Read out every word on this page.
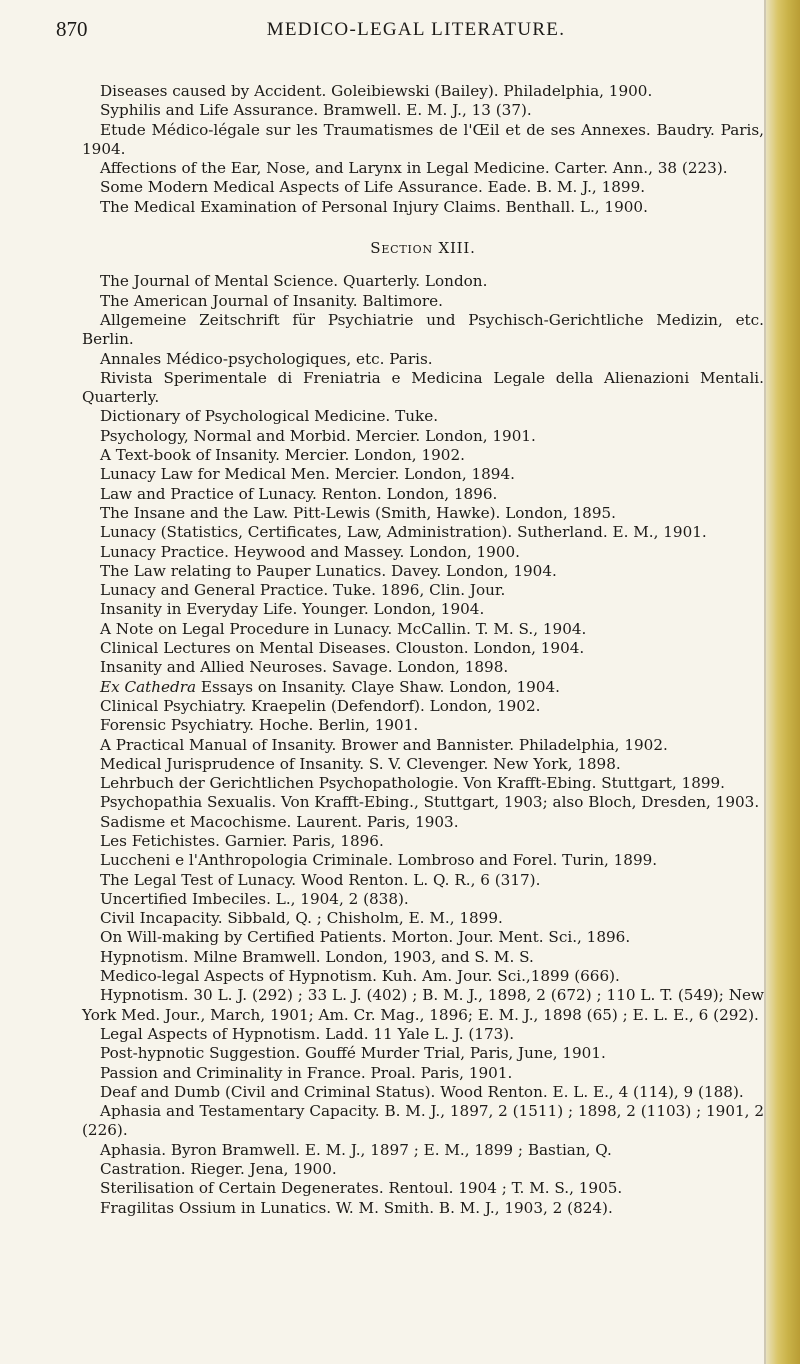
870	MEDICO-LEGAL LITERATURE.

Diseases caused by Accident. Goleibiewski (Bailey). Philadelphia, 1900.

Syphilis and Life Assurance. Bramwell. E. M. J., 13 (37).

Etude Médico-légale sur les Traumatismes de l'Œil et de ses Annexes. Baudry. Paris, 1904.

Affections of the Ear, Nose, and Larynx in Legal Medicine. Carter. Ann., 38 (223).

Some Modern Medical Aspects of Life Assurance. Eade. B. M. J., 1899.

The Medical Examination of Personal Injury Claims. Benthall. L., 1900.

Section XIII.

The Journal of Mental Science. Quarterly. London.

The American Journal of Insanity. Baltimore.

Allgemeine Zeitschrift für Psychiatrie und Psychisch-Gerichtliche Medizin, etc. Berlin.

Annales Médico-psychologiques, etc. Paris.

Rivista Sperimentale di Freniatria e Medicina Legale della Alienazioni Mentali. Quarterly.

Dictionary of Psychological Medicine. Tuke.

Psychology, Normal and Morbid. Mercier. London, 1901.

A Text-book of Insanity. Mercier. London, 1902.

Lunacy Law for Medical Men. Mercier. London, 1894.

Law and Practice of Lunacy. Renton. London, 1896.

The Insane and the Law. Pitt-Lewis (Smith, Hawke). London, 1895.

Lunacy (Statistics, Certificates, Law, Administration). Sutherland. E. M., 1901.

Lunacy Practice. Heywood and Massey. London, 1900.

The Law relating to Pauper Lunatics. Davey. London, 1904.

Lunacy and General Practice. Tuke. 1896, Clin. Jour.

Insanity in Everyday Life. Younger. London, 1904.

A Note on Legal Procedure in Lunacy. McCallin. T. M. S., 1904.

Clinical Lectures on Mental Diseases. Clouston. London, 1904.

Insanity and Allied Neuroses. Savage. London, 1898.

Ex Cathedra Essays on Insanity. Claye Shaw. London, 1904.

Clinical Psychiatry. Kraepelin (Defendorf). London, 1902.

Forensic Psychiatry. Hoche. Berlin, 1901.

A Practical Manual of Insanity. Brower and Bannister. Philadelphia, 1902.

Medical Jurisprudence of Insanity. S. V. Clevenger. New York, 1898.

Lehrbuch der Gerichtlichen Psychopathologie. Von Krafft-Ebing. Stuttgart, 1899.

Psychopathia Sexualis. Von Krafft-Ebing., Stuttgart, 1903; also Bloch, Dresden, 1903.

Sadisme et Macochisme. Laurent. Paris, 1903.

Les Fetichistes. Garnier. Paris, 1896.

Luccheni e l'Anthropologia Criminale. Lombroso and Forel. Turin, 1899.

The Legal Test of Lunacy. Wood Renton. L. Q. R., 6 (317).

Uncertified Imbeciles. L., 1904, 2 (838).

Civil Incapacity. Sibbald, Q. ; Chisholm, E. M., 1899.

On Will-making by Certified Patients. Morton. Jour. Ment. Sci., 1896.

Hypnotism. Milne Bramwell. London, 1903, and S. M. S.

Medico-legal Aspects of Hypnotism. Kuh. Am. Jour. Sci.,1899 (666).

Hypnotism. 30 L. J. (292) ; 33 L. J. (402) ; B. M. J., 1898, 2 (672) ; 110 L. T. (549); New York Med. Jour., March, 1901; Am. Cr. Mag., 1896; E. M. J., 1898 (65) ; E. L. E., 6 (292).

Legal Aspects of Hypnotism. Ladd. 11 Yale L. J. (173).

Post-hypnotic Suggestion. Gouffé Murder Trial, Paris, June, 1901.

Passion and Criminality in France. Proal. Paris, 1901.

Deaf and Dumb (Civil and Criminal Status). Wood Renton. E. L. E., 4 (114), 9 (188).

Aphasia and Testamentary Capacity. B. M. J., 1897, 2 (1511) ; 1898, 2 (1103) ; 1901, 2 (226).

Aphasia. Byron Bramwell. E. M. J., 1897 ; E. M., 1899 ; Bastian, Q.

Castration. Rieger. Jena, 1900.

Sterilisation of Certain Degenerates. Rentoul. 1904 ; T. M. S., 1905.

Fragilitas Ossium in Lunatics. W. M. Smith. B. M. J., 1903, 2 (824).
